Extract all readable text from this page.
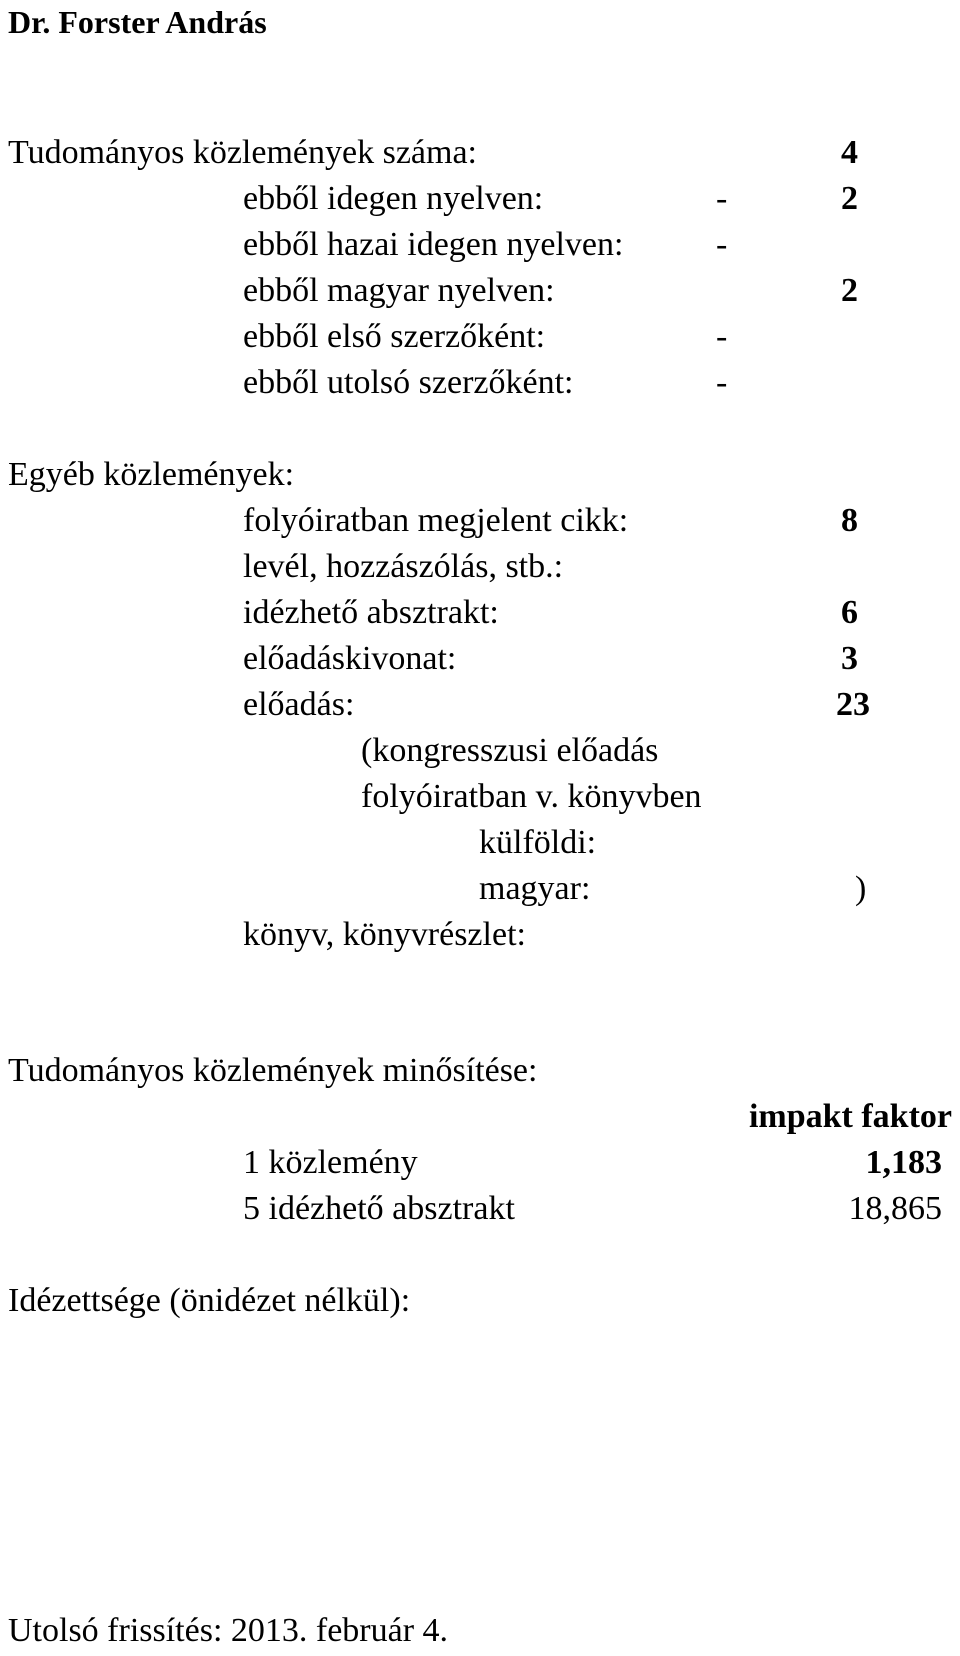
Dr. Forster András
Tudományos közlemények száma:	4
ebből idegen nyelven:	-	2
ebből hazai idegen nyelven:	-
ebből magyar nyelven:	2
ebből első szerzőként:	-
ebből utolsó szerzőként:	-
Egyéb közlemények:
folyóiratban megjelent cikk:	8
levél, hozzászólás, stb.:
idézhető absztrakt:	6
előadáskivonat:	3
előadás:	23
(kongresszusi előadás
folyóiratban v. könyvben
külföldi:
magyar:	)
könyv, könyvrészlet:
Tudományos közlemények minősítése:
impakt faktor
1 közlemény	1,183
5 idézhető absztrakt	18,865
Idézettsége (önidézet nélkül):
Utolsó frissítés: 2013. február 4.
